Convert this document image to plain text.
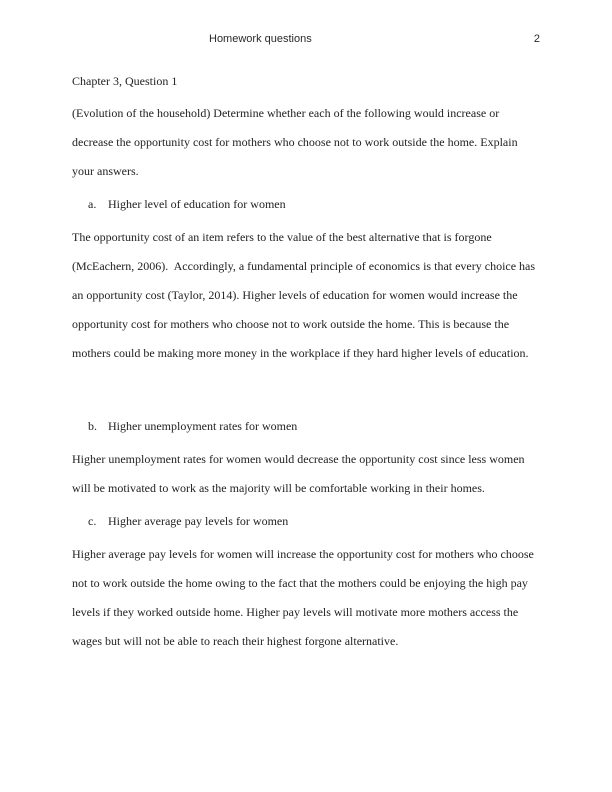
Homework questions	2
Chapter 3, Question 1
(Evolution of the household) Determine whether each of the following would increase or
decrease the opportunity cost for mothers who choose not to work outside the home. Explain
your answers.
a. Higher level of education for women
The opportunity cost of an item refers to the value of the best alternative that is forgone
(McEachern, 2006).  Accordingly, a fundamental principle of economics is that every choice has
an opportunity cost (Taylor, 2014). Higher levels of education for women would increase the
opportunity cost for mothers who choose not to work outside the home. This is because the
mothers could be making more money in the workplace if they hard higher levels of education.
b. Higher unemployment rates for women
Higher unemployment rates for women would decrease the opportunity cost since less women
will be motivated to work as the majority will be comfortable working in their homes.
c. Higher average pay levels for women
Higher average pay levels for women will increase the opportunity cost for mothers who choose
not to work outside the home owing to the fact that the mothers could be enjoying the high pay
levels if they worked outside home. Higher pay levels will motivate more mothers access the
wages but will not be able to reach their highest forgone alternative.
